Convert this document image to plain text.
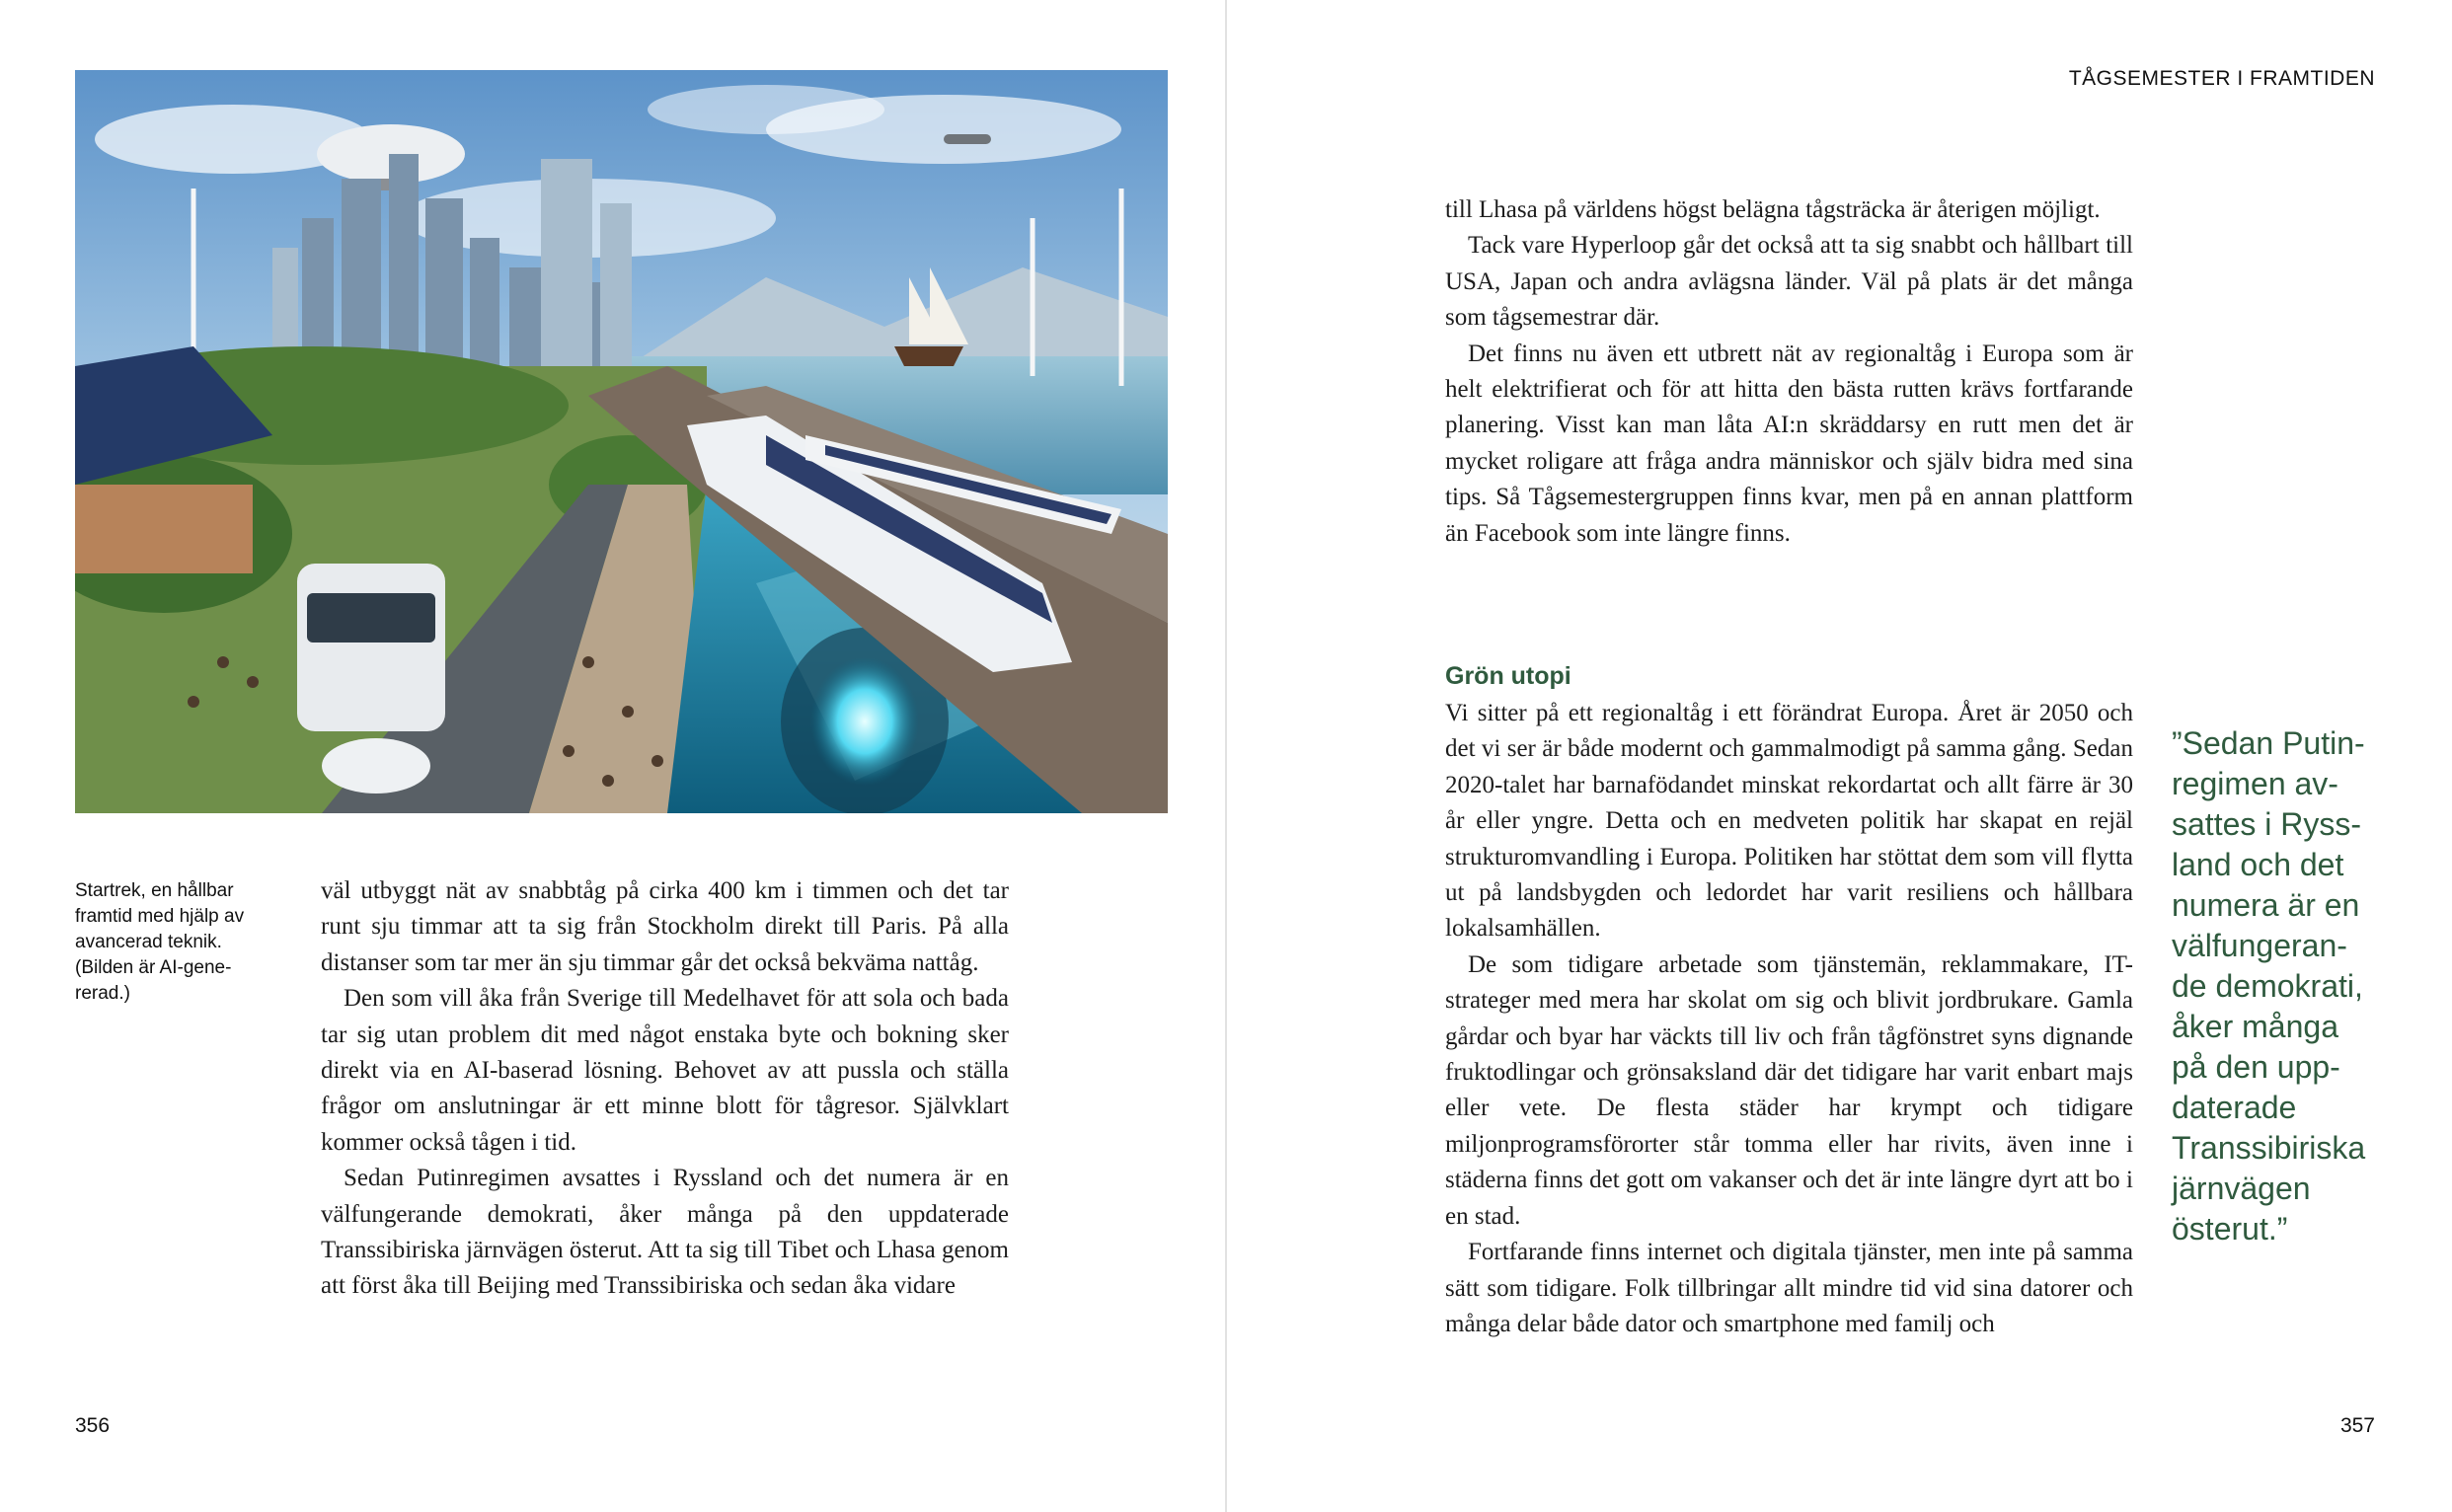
Startrek, en hållbar
framtid med hjälp av
avancerad teknik.
(Bilden är AI-gene-
rerad.)

väl utbyggt nät av snabbtåg på cirka 400 km i timmen och det tar runt sju timmar att ta sig från Stockholm direkt till Paris. På alla distanser som tar mer än sju timmar går det också bekväma nattåg.

Den som vill åka från Sverige till Medelhavet för att sola och bada tar sig utan problem dit med något enstaka byte och bokning sker direkt via en AI-baserad lösning. Behovet av att pussla och ställa frågor om anslutningar är ett minne blott för tågresor. Självklart kommer också tågen i tid.

Sedan Putinregimen avsattes i Ryssland och det numera är en välfungerande demokrati, åker många på den uppdaterade Transsibiriska järnvägen österut. Att ta sig till Tibet och Lhasa genom att först åka till Beijing med Transsibiriska och sedan åka vidare

356

TÅGSEMESTER I FRAMTIDEN

till Lhasa på världens högst belägna tågsträcka är återigen möjligt.

Tack vare Hyperloop går det också att ta sig snabbt och hållbart till USA, Japan och andra avlägsna länder. Väl på plats är det många som tågsemestrar där.

Det finns nu även ett utbrett nät av regionaltåg i Europa som är helt elektrifierat och för att hitta den bästa rutten krävs fortfarande planering. Visst kan man låta AI:n skräddarsy en rutt men det är mycket roligare att fråga andra människor och själv bidra med sina tips. Så Tågsemestergruppen finns kvar, men på en annan plattform än Facebook som inte längre finns.

Grön utopi

Vi sitter på ett regionaltåg i ett förändrat Europa. Året är 2050 och det vi ser är både modernt och gammalmodigt på samma gång. Sedan 2020-talet har barnafödandet minskat rekordartat och allt färre är 30 år eller yngre. Detta och en medveten politik har skapat en rejäl strukturomvandling i Europa. Politiken har stöttat dem som vill flytta ut på landsbygden och ledordet har varit resiliens och hållbara lokalsamhällen.

De som tidigare arbetade som tjänstemän, reklammakare, IT-strateger med mera har skolat om sig och blivit jordbrukare. Gamla gårdar och byar har väckts till liv och från tågfönstret syns dignande fruktodlingar och grönsaksland där det tidigare har varit enbart majs eller vete. De flesta städer har krympt och tidigare miljonprogramsförorter står tomma eller har rivits, även inne i städerna finns det gott om vakanser och det är inte längre dyrt att bo i en stad.

Fortfarande finns internet och digitala tjänster, men inte på samma sätt som tidigare. Folk tillbringar allt mindre tid vid sina datorer och många delar både dator och smartphone med familj och

”Sedan Putin-
regimen av-
sattes i Ryss-
land och det
numera är en
välfungeran-
de demokrati,
åker många
på den upp-
daterade
Transsibiriska
järnvägen
österut.”

357
